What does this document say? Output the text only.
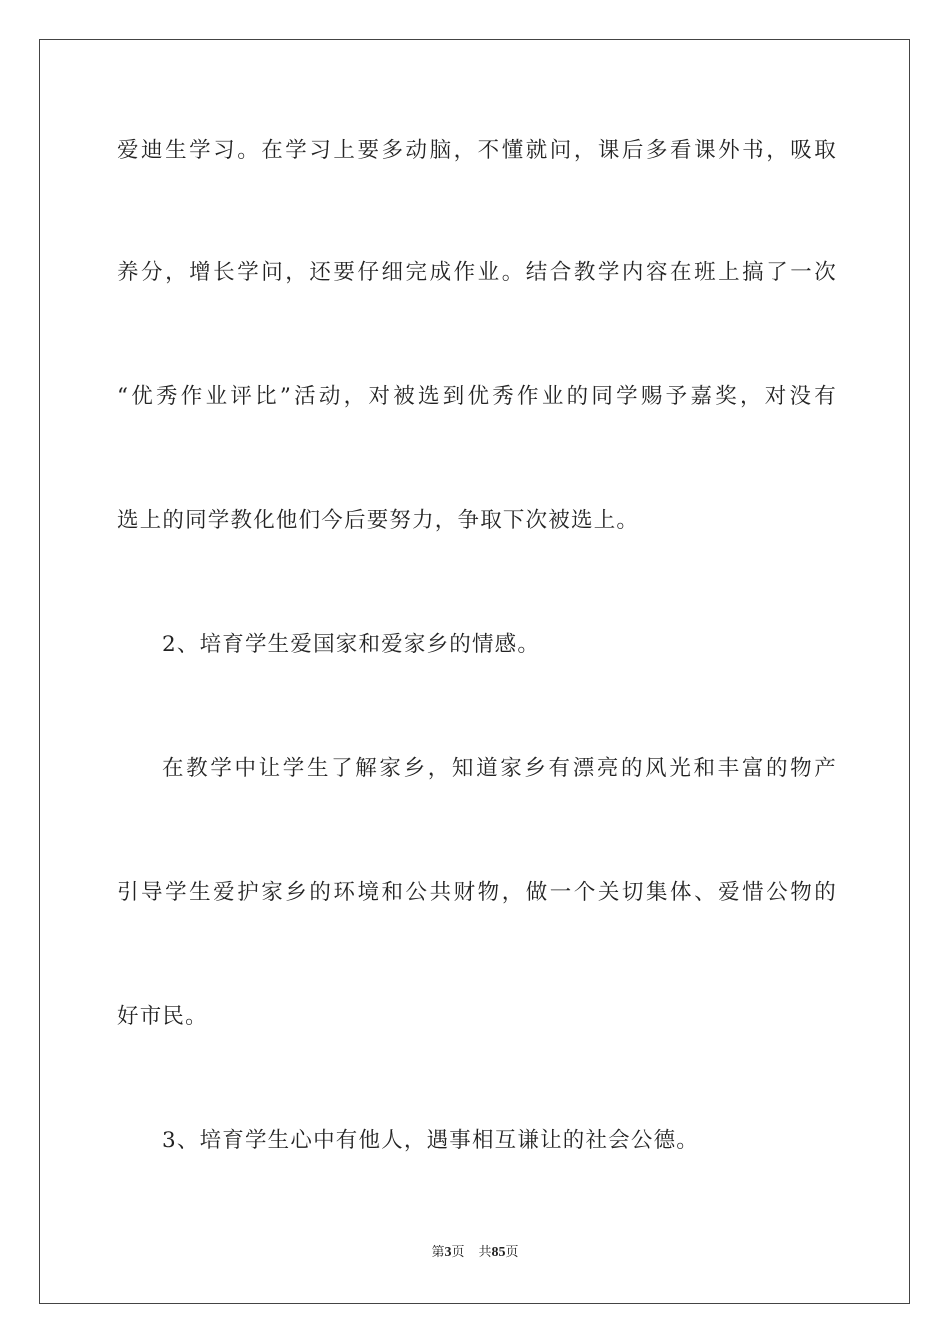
爱迪生学习。在学习上要多动脑，不懂就问，课后多看课外书，吸取
养分，增长学问，还要仔细完成作业。结合教学内容在班上搞了一次
“优秀作业评比”活动，对被选到优秀作业的同学赐予嘉奖，对没有
选上的同学教化他们今后要努力，争取下次被选上。
2、培育学生爱国家和爱家乡的情感。
在教学中让学生了解家乡，知道家乡有漂亮的风光和丰富的物产
引导学生爱护家乡的环境和公共财物，做一个关切集体、爱惜公物的
好市民。
3、培育学生心中有他人，遇事相互谦让的社会公德。
第3页 共85页
